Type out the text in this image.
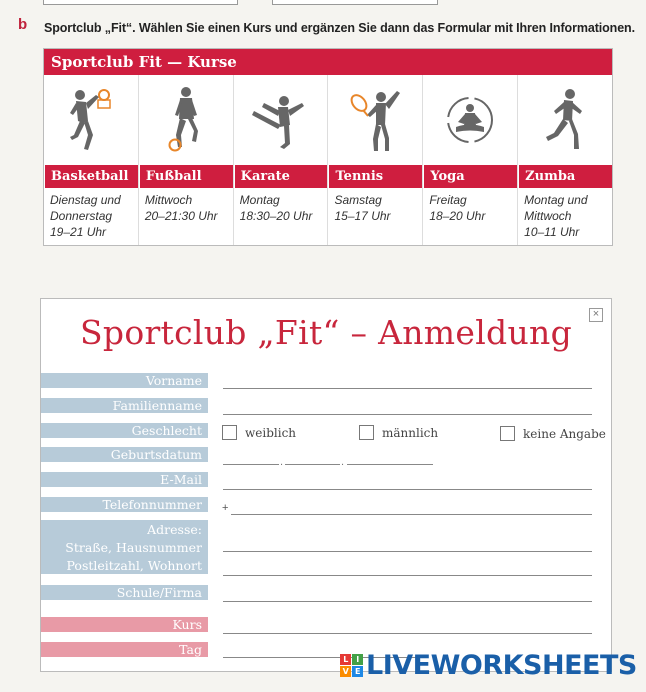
b Sportclub „Fit“. Wählen Sie einen Kurs und ergänzen Sie dann das Formular mit Ihren Informationen.
Sportclub Fit — Kurse
Basketball
Dienstag und
Donnerstag
19–21 Uhr
Fußball
Mittwoch
20–21:30 Uhr
Karate
Montag
18:30–20 Uhr
Tennis
Samstag
15–17 Uhr
Yoga
Freitag
18–20 Uhr
Zumba
Montag und
Mittwoch
10–11 Uhr
×
Sportclub „Fit“ – Anmeldung
Vorname
Familienname
Geschlecht	weiblich	männlich	keine Angabe
Geburtsdatum	.	.
E-Mail
Telefonnummer	+
Adresse:
Straße, Hausnummer
Postleitzahl, Wohnort
Schule/Firma
Kurs
Tag
L	I
V E LIVEWORKSHEETS
